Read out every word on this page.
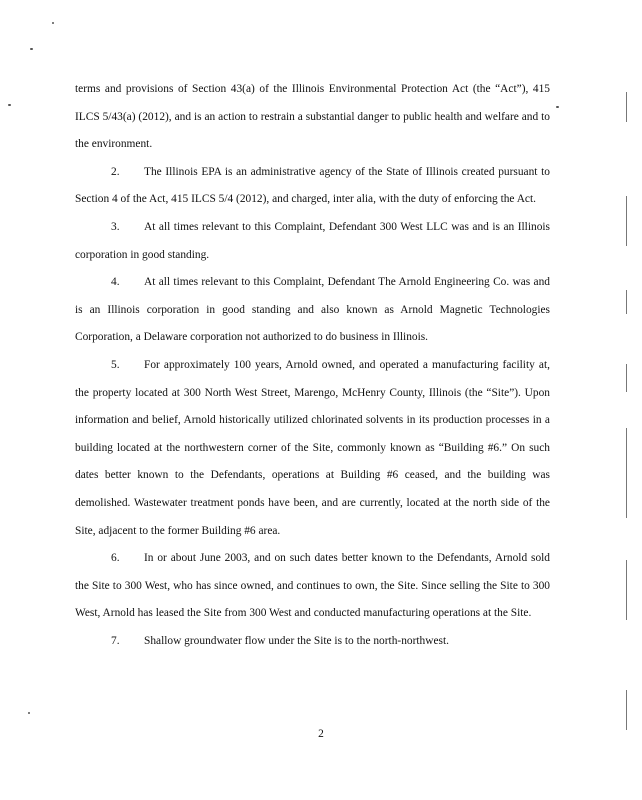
terms and provisions of Section 43(a) of the Illinois Environmental Protection Act (the “Act”), 415 ILCS 5/43(a) (2012), and is an action to restrain a substantial danger to public health and welfare and to the environment.

2. The Illinois EPA is an administrative agency of the State of Illinois created pursuant to Section 4 of the Act, 415 ILCS 5/4 (2012), and charged, inter alia, with the duty of enforcing the Act.

3. At all times relevant to this Complaint, Defendant 300 West LLC was and is an Illinois corporation in good standing.

4. At all times relevant to this Complaint, Defendant The Arnold Engineering Co. was and is an Illinois corporation in good standing and also known as Arnold Magnetic Technologies Corporation, a Delaware corporation not authorized to do business in Illinois.

5. For approximately 100 years, Arnold owned, and operated a manufacturing facility at, the property located at 300 North West Street, Marengo, McHenry County, Illinois (the “Site”). Upon information and belief, Arnold historically utilized chlorinated solvents in its production processes in a building located at the northwestern corner of the Site, commonly known as “Building #6.” On such dates better known to the Defendants, operations at Building #6 ceased, and the building was demolished. Wastewater treatment ponds have been, and are currently, located at the north side of the Site, adjacent to the former Building #6 area.

6. In or about June 2003, and on such dates better known to the Defendants, Arnold sold the Site to 300 West, who has since owned, and continues to own, the Site. Since selling the Site to 300 West, Arnold has leased the Site from 300 West and conducted manufacturing operations at the Site.

7. Shallow groundwater flow under the Site is to the north-northwest.

2
